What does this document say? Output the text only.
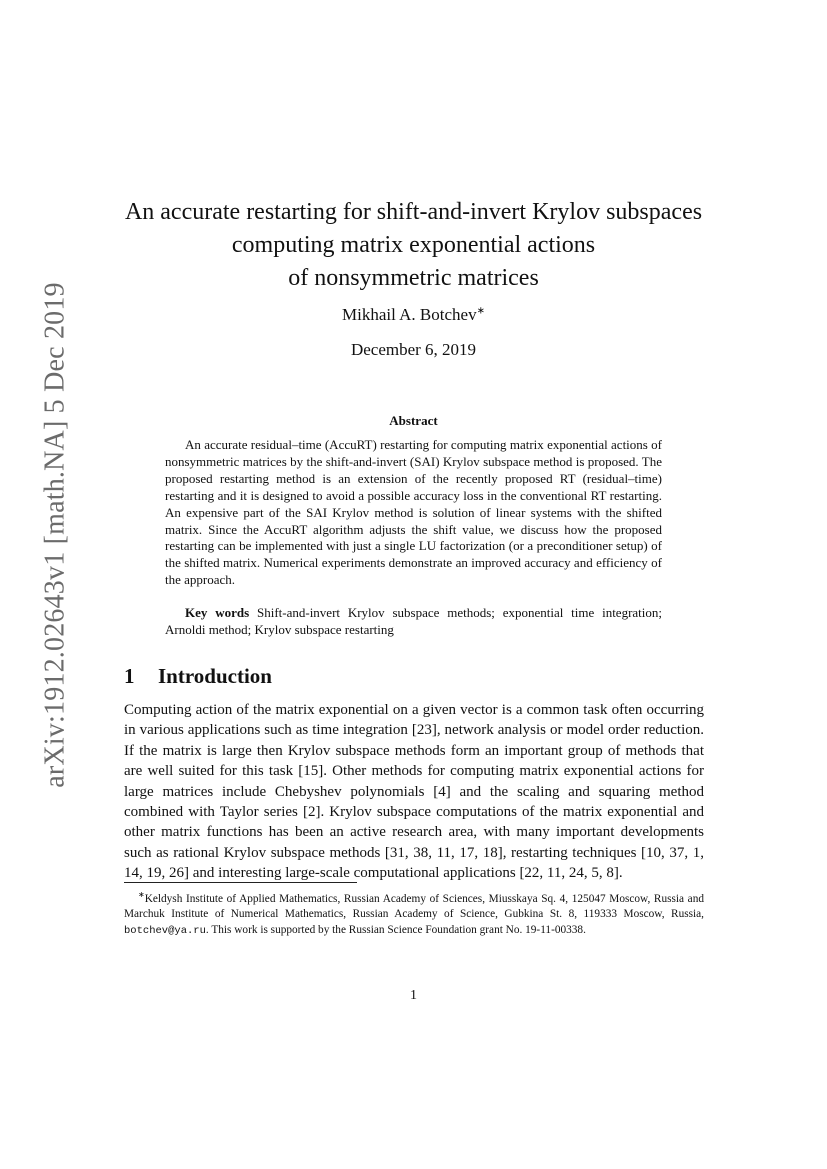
arXiv:1912.02643v1 [math.NA] 5 Dec 2019
An accurate restarting for shift-and-invert Krylov subspaces
computing matrix exponential actions
of nonsymmetric matrices
Mikhail A. Botchev∗
December 6, 2019
Abstract
An accurate residual–time (AccuRT) restarting for computing matrix exponential actions of nonsymmetric matrices by the shift-and-invert (SAI) Krylov subspace method is proposed. The proposed restarting method is an extension of the recently proposed RT (residual–time) restarting and it is designed to avoid a possible accuracy loss in the conventional RT restarting. An expensive part of the SAI Krylov method is solution of linear systems with the shifted matrix. Since the AccuRT algorithm adjusts the shift value, we discuss how the proposed restarting can be implemented with just a single LU factorization (or a preconditioner setup) of the shifted matrix. Numerical experiments demonstrate an improved accuracy and efficiency of the approach.
Key words Shift-and-invert Krylov subspace methods; exponential time integration; Arnoldi method; Krylov subspace restarting
1 Introduction
Computing action of the matrix exponential on a given vector is a common task often occurring in various applications such as time integration [23], network analysis or model order reduction. If the matrix is large then Krylov subspace methods form an important group of methods that are well suited for this task [15]. Other methods for computing matrix exponential actions for large matrices include Chebyshev polynomials [4] and the scaling and squaring method combined with Taylor series [2]. Krylov subspace computations of the matrix exponential and other matrix functions has been an active research area, with many important developments such as rational Krylov subspace methods [31, 38, 11, 17, 18], restarting techniques [10, 37, 1, 14, 19, 26] and interesting large-scale computational applications [22, 11, 24, 5, 8].
∗Keldysh Institute of Applied Mathematics, Russian Academy of Sciences, Miusskaya Sq. 4, 125047 Moscow, Russia and Marchuk Institute of Numerical Mathematics, Russian Academy of Science, Gubkina St. 8, 119333 Moscow, Russia, botchev@ya.ru. This work is supported by the Russian Science Foundation grant No. 19-11-00338.
1
